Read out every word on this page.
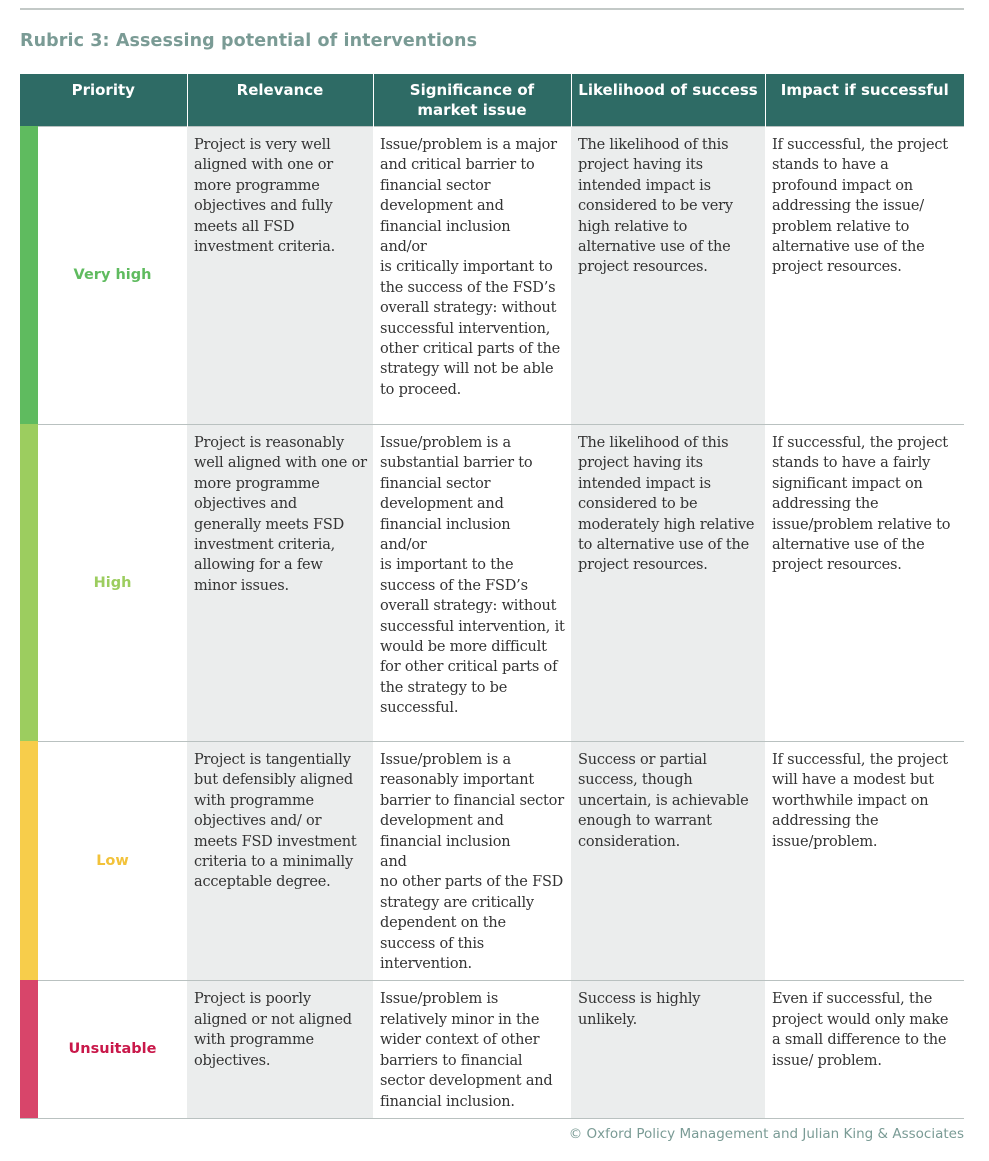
Rubric 3: Assessing potential of interventions
Priority	Relevance	Significance of market issue	Likelihood of success	Impact if successful

Very high	Project is very well aligned with one or more programme objectives and fully meets all FSD investment criteria.	Issue/problem is a major and critical barrier to financial sector development and financial inclusion
and/or
is critically important to the success of the FSD’s overall strategy: without successful intervention, other critical parts of the strategy will not be able to proceed.	The likelihood of this project having its intended impact is considered to be very high relative to alternative use of the project resources.	If successful, the project stands to have a profound impact on addressing the issue/ problem relative to alternative use of the project resources.

High	Project is reasonably well aligned with one or more programme objectives and generally meets FSD investment criteria, allowing for a few minor issues.	Issue/problem is a substantial barrier to financial sector development and financial inclusion
and/or
is important to the success of the FSD’s overall strategy: without successful intervention, it would be more difficult for other critical parts of the strategy to be successful.	The likelihood of this project having its intended impact is considered to be moderately high relative to alternative use of the project resources.	If successful, the project stands to have a fairly significant impact on addressing the issue/problem relative to alternative use of the project resources.

Low	Project is tangentially but defensibly aligned with programme objectives and/ or meets FSD investment criteria to a minimally acceptable degree.	Issue/problem is a reasonably important barrier to financial sector development and financial inclusion
and
no other parts of the FSD strategy are critically dependent on the success of this intervention.	Success or partial success, though uncertain, is achievable enough to warrant consideration.	If successful, the project will have a modest but worthwhile impact on addressing the issue/problem.

Unsuitable	Project is poorly aligned or not aligned with programme objectives.	Issue/problem is relatively minor in the wider context of other barriers to financial sector development and financial inclusion.	Success is highly unlikely.	Even if successful, the project would only make a small difference to the issue/ problem.
© Oxford Policy Management and Julian King & Associates
